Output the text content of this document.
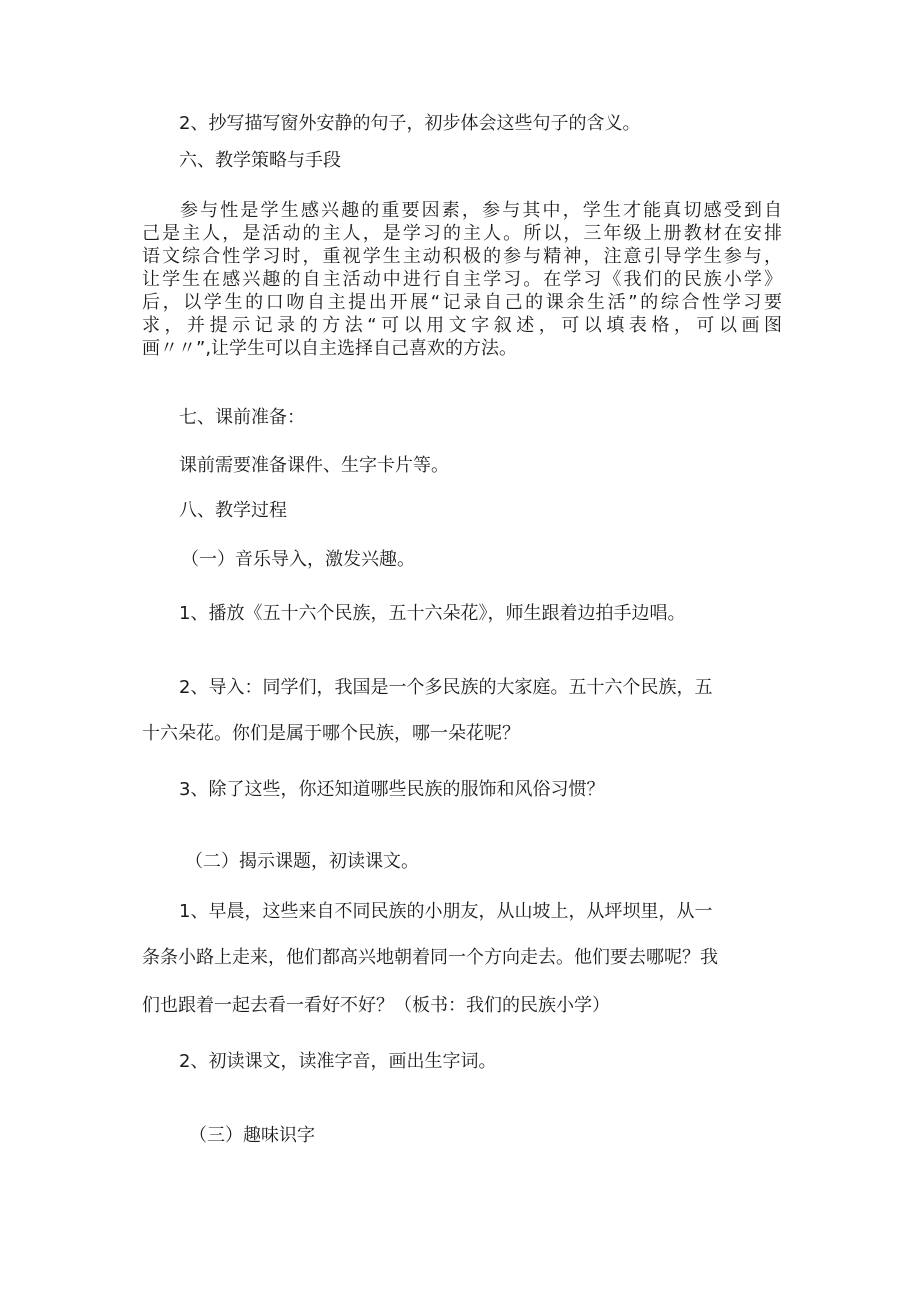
2、抄写描写窗外安静的句子，初步体会这些句子的含义。
六、教学策略与手段
参与性是学生感兴趣的重要因素，参与其中，学生才能真切感受到自
己是主人，是活动的主人，是学习的主人。所以，三年级上册教材在安排
语文综合性学习时，重视学生主动积极的参与精神，注意引导学生参与，
让学生在感兴趣的自主活动中进行自主学习。在学习《我们的民族小学》
后，以学生的口吻自主提出开展“记录自己的课余生活”的综合性学习要
求，并提示记录的方法“可以用文字叙述，可以填表格，可以画图
画〃〃”,让学生可以自主选择自己喜欢的方法。
七、课前准备：
课前需要准备课件、生字卡片等。
八、教学过程
（一）音乐导入，激发兴趣。
1、播放《五十六个民族，五十六朵花》，师生跟着边拍手边唱。
2、导入：同学们，我国是一个多民族的大家庭。五十六个民族，五
十六朵花。你们是属于哪个民族，哪一朵花呢？
3、除了这些，你还知道哪些民族的服饰和风俗习惯？
（二）揭示课题，初读课文。
1、早晨，这些来自不同民族的小朋友，从山坡上，从坪坝里，从一
条条小路上走来，他们都高兴地朝着同一个方向走去。他们要去哪呢？我
们也跟着一起去看一看好不好？（板书：我们的民族小学）
2、初读课文，读准字音，画出生字词。
（三）趣味识字
